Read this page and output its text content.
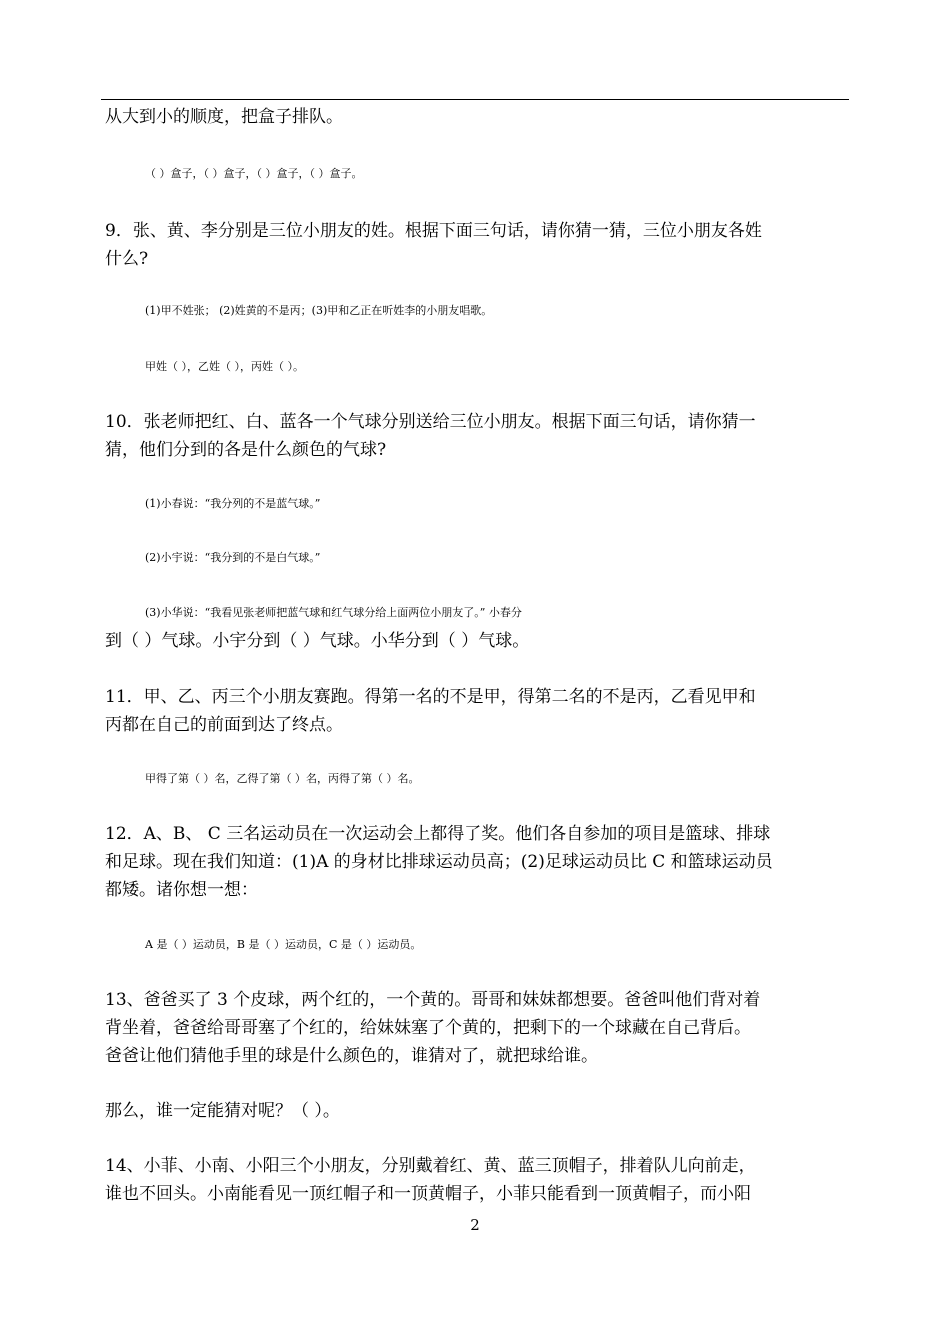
从大到小的顺度，把盒子排队。
（ ）盒子，（ ）盒子，（ ）盒子，（ ）盒子。
9．张、黄、李分别是三位小朋友的姓。根据下面三句话，请你猜一猜，三位小朋友各姓
什么?
(1)甲不姓张； (2)姓黄的不是丙；(3)甲和乙正在听姓李的小朋友唱歌。
甲姓（ ），乙姓（ ），丙姓（ ）。
10．张老师把红、白、蓝各一个气球分别送给三位小朋友。根据下面三句话，请你猜一
猜，他们分到的各是什么颜色的气球?
(1)小春说：“我分列的不是蓝气球。”
(2)小宇说：“我分到的不是白气球。”
(3)小华说：“我看见张老师把蓝气球和红气球分给上面两位小朋友了。” 小春分
到（ ）气球。小宇分到（ ）气球。小华分到（ ）气球。
11．甲、乙、丙三个小朋友赛跑。得第一名的不是甲，得第二名的不是丙，乙看见甲和
丙都在自己的前面到达了终点。
甲得了第（ ）名，乙得了第（ ）名，丙得了第（ ）名。
12．A、B、 C 三名运动员在一次运动会上都得了奖。他们各自参加的项目是篮球、排球
和足球。现在我们知道：(1)A 的身材比排球运动员高；(2)足球运动员比 C 和篮球运动员
都矮。诸你想一想：
A 是（ ）运动员，B 是（ ）运动员，C 是（ ）运动员。
13、爸爸买了 3 个皮球，两个红的，一个黄的。哥哥和妹妹都想要。爸爸叫他们背对着
背坐着，爸爸给哥哥塞了个红的，给妹妹塞了个黄的，把剩下的一个球藏在自己背后。
爸爸让他们猜他手里的球是什么颜色的，谁猜对了，就把球给谁。
那么，谁一定能猜对呢？（ ）。
14、小菲、小南、小阳三个小朋友，分别戴着红、黄、蓝三顶帽子，排着队儿向前走，
谁也不回头。小南能看见一顶红帽子和一顶黄帽子，小菲只能看到一顶黄帽子，而小阳
2
